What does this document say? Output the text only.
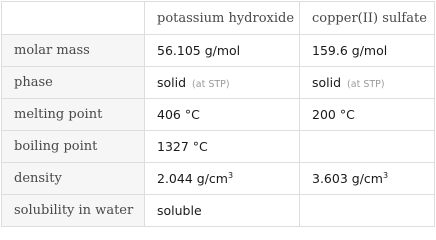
	potassium hydroxide	copper(II) sulfate
molar mass	56.105 g/mol	159.6 g/mol
phase	solid (at STP)	solid (at STP)
melting point	406 °C	200 °C
boiling point	1327 °C	
density	2.044 $g/cm^3$	3.603 $g/cm^3$
solubility in water	soluble	
